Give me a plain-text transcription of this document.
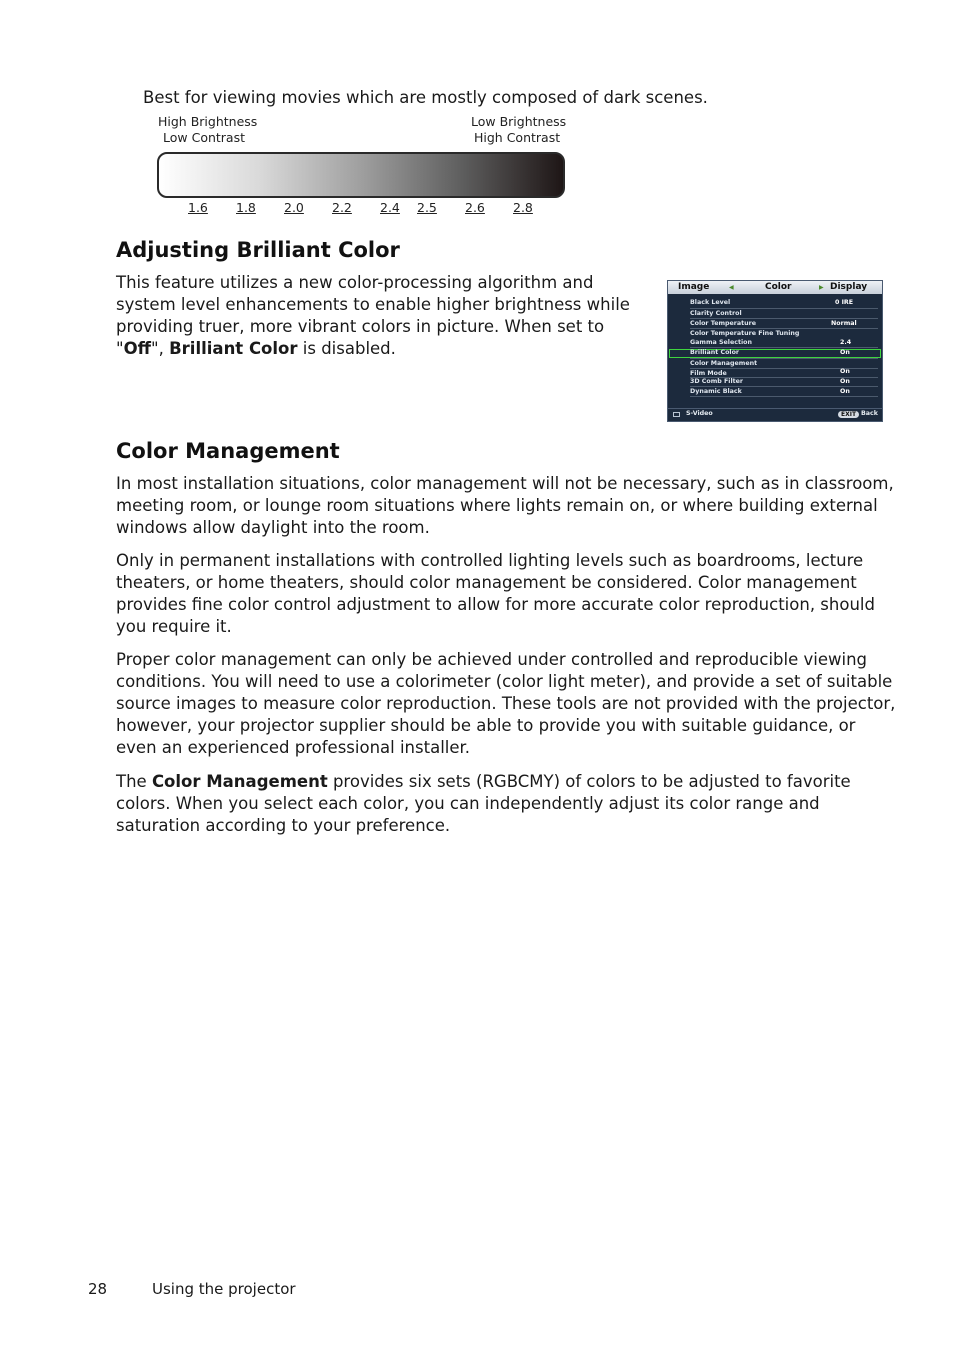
Best for viewing movies which are mostly composed of dark scenes.
High Brightness
Low Contrast
Low Brightness
High Contrast
1.6 1.8 2.0 2.2 2.4 2.5 2.6 2.8
Adjusting Brilliant Color

This feature utilizes a new color-processing algorithm and system level enhancements to enable higher brightness while providing truer, more vibrant colors in picture. When set to "Off", Brilliant Color is disabled.

Image	◀	Color	▶ Display
Black Level	0 IRE
Clarity Control
Color Temperature	Normal
Color Temperature Fine Tuning
Gamma Selection	2.4
Brilliant Color	On
Color Management
Film Mode	On
3D Comb Filter	On
Dynamic Black	On
S-Video	EXIT Back
Color Management

In most installation situations, color management will not be necessary, such as in classroom, meeting room, or lounge room situations where lights remain on, or where building external windows allow daylight into the room.

Only in permanent installations with controlled lighting levels such as boardrooms, lecture theaters, or home theaters, should color management be considered. Color management provides fine color control adjustment to allow for more accurate color reproduction, should you require it.

Proper color management can only be achieved under controlled and reproducible viewing conditions. You will need to use a colorimeter (color light meter), and provide a set of suitable source images to measure color reproduction. These tools are not provided with the projector, however, your projector supplier should be able to provide you with suitable guidance, or even an experienced professional installer.

The Color Management provides six sets (RGBCMY) of colors to be adjusted to favorite colors. When you select each color, you can independently adjust its color range and saturation according to your preference.

28	Using the projector
